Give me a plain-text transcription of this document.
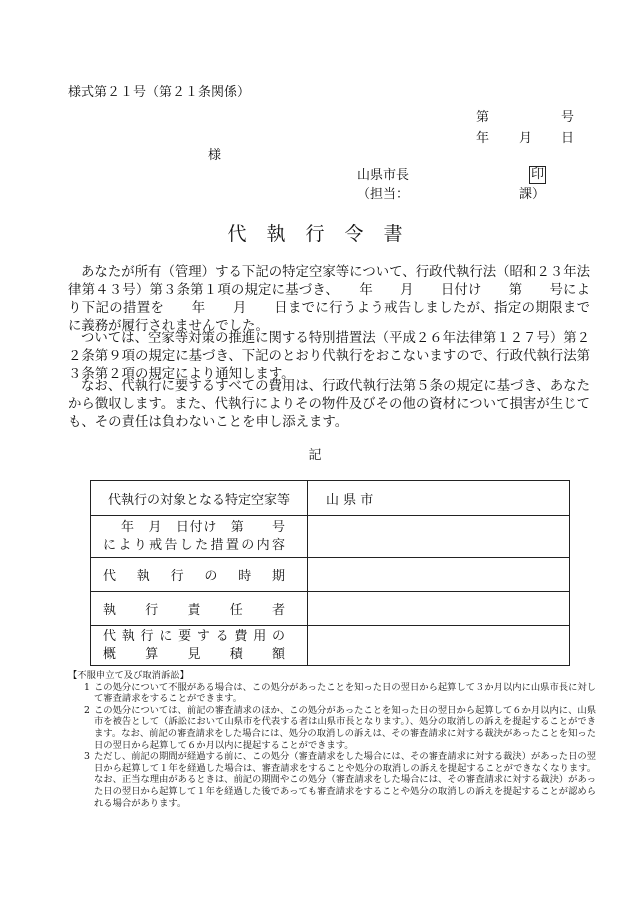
様式第２１号（第２１条関係）
第	号
年 月 日
様
山県市長	印
（担当：	課）
代執行令書
あなたが所有（管理）する下記の特定空家等について、行政代執行法（昭和２３年法律第４３号）第３条第１項の規定に基づき、　　年　　月　　日付け　　第　　号により下記の措置を　　年　　月　　日までに行うよう戒告しましたが、指定の期限までに義務が履行されませんでした。
ついては、空家等対策の推進に関する特別措置法（平成２６年法律第１２７号）第２２条第９項の規定に基づき、下記のとおり代執行をおこないますので、行政代執行法第３条第２項の規定により通知します。
なお、代執行に要するすべての費用は、行政代執行法第５条の規定に基づき、あなたから徴収します。また、代執行によりその物件及びその他の資材について損害が生じても、その責任は負わないことを申し添えます。
記
代執行の対象となる特定空家等	山 県 市

年　月　日付け　第　　号
により戒告した措置の内容	

代執行の時期	

執行責任者	

代執行に要する費用の
概算見積額	

【不服申立て及び取消訴訟】
1 この処分について不服がある場合は、この処分があったことを知った日の翌日から起算して３か月以内に山県市長に対して審査請求をすることができます。
2 この処分については、前記の審査請求のほか、この処分があったことを知った日の翌日から起算して６か月以内に、山県市を被告として（訴訟において山県市を代表する者は山県市長となります。）、処分の取消しの訴えを提起することができます。なお、前記の審査請求をした場合には、処分の取消しの訴えは、その審査請求に対する裁決があったことを知った日の翌日から起算して６か月以内に提起することができます。
3 ただし、前記の期間が経過する前に、この処分（審査請求をした場合には、その審査請求に対する裁決）があった日の翌日から起算して１年を経過した場合は、審査請求をすることや処分の取消しの訴えを提起することができなくなります。なお、正当な理由があるときは、前記の期間やこの処分（審査請求をした場合には、その審査請求に対する裁決）があった日の翌日から起算して１年を経過した後であっても審査請求をすることや処分の取消しの訴えを提起することが認められる場合があります。
